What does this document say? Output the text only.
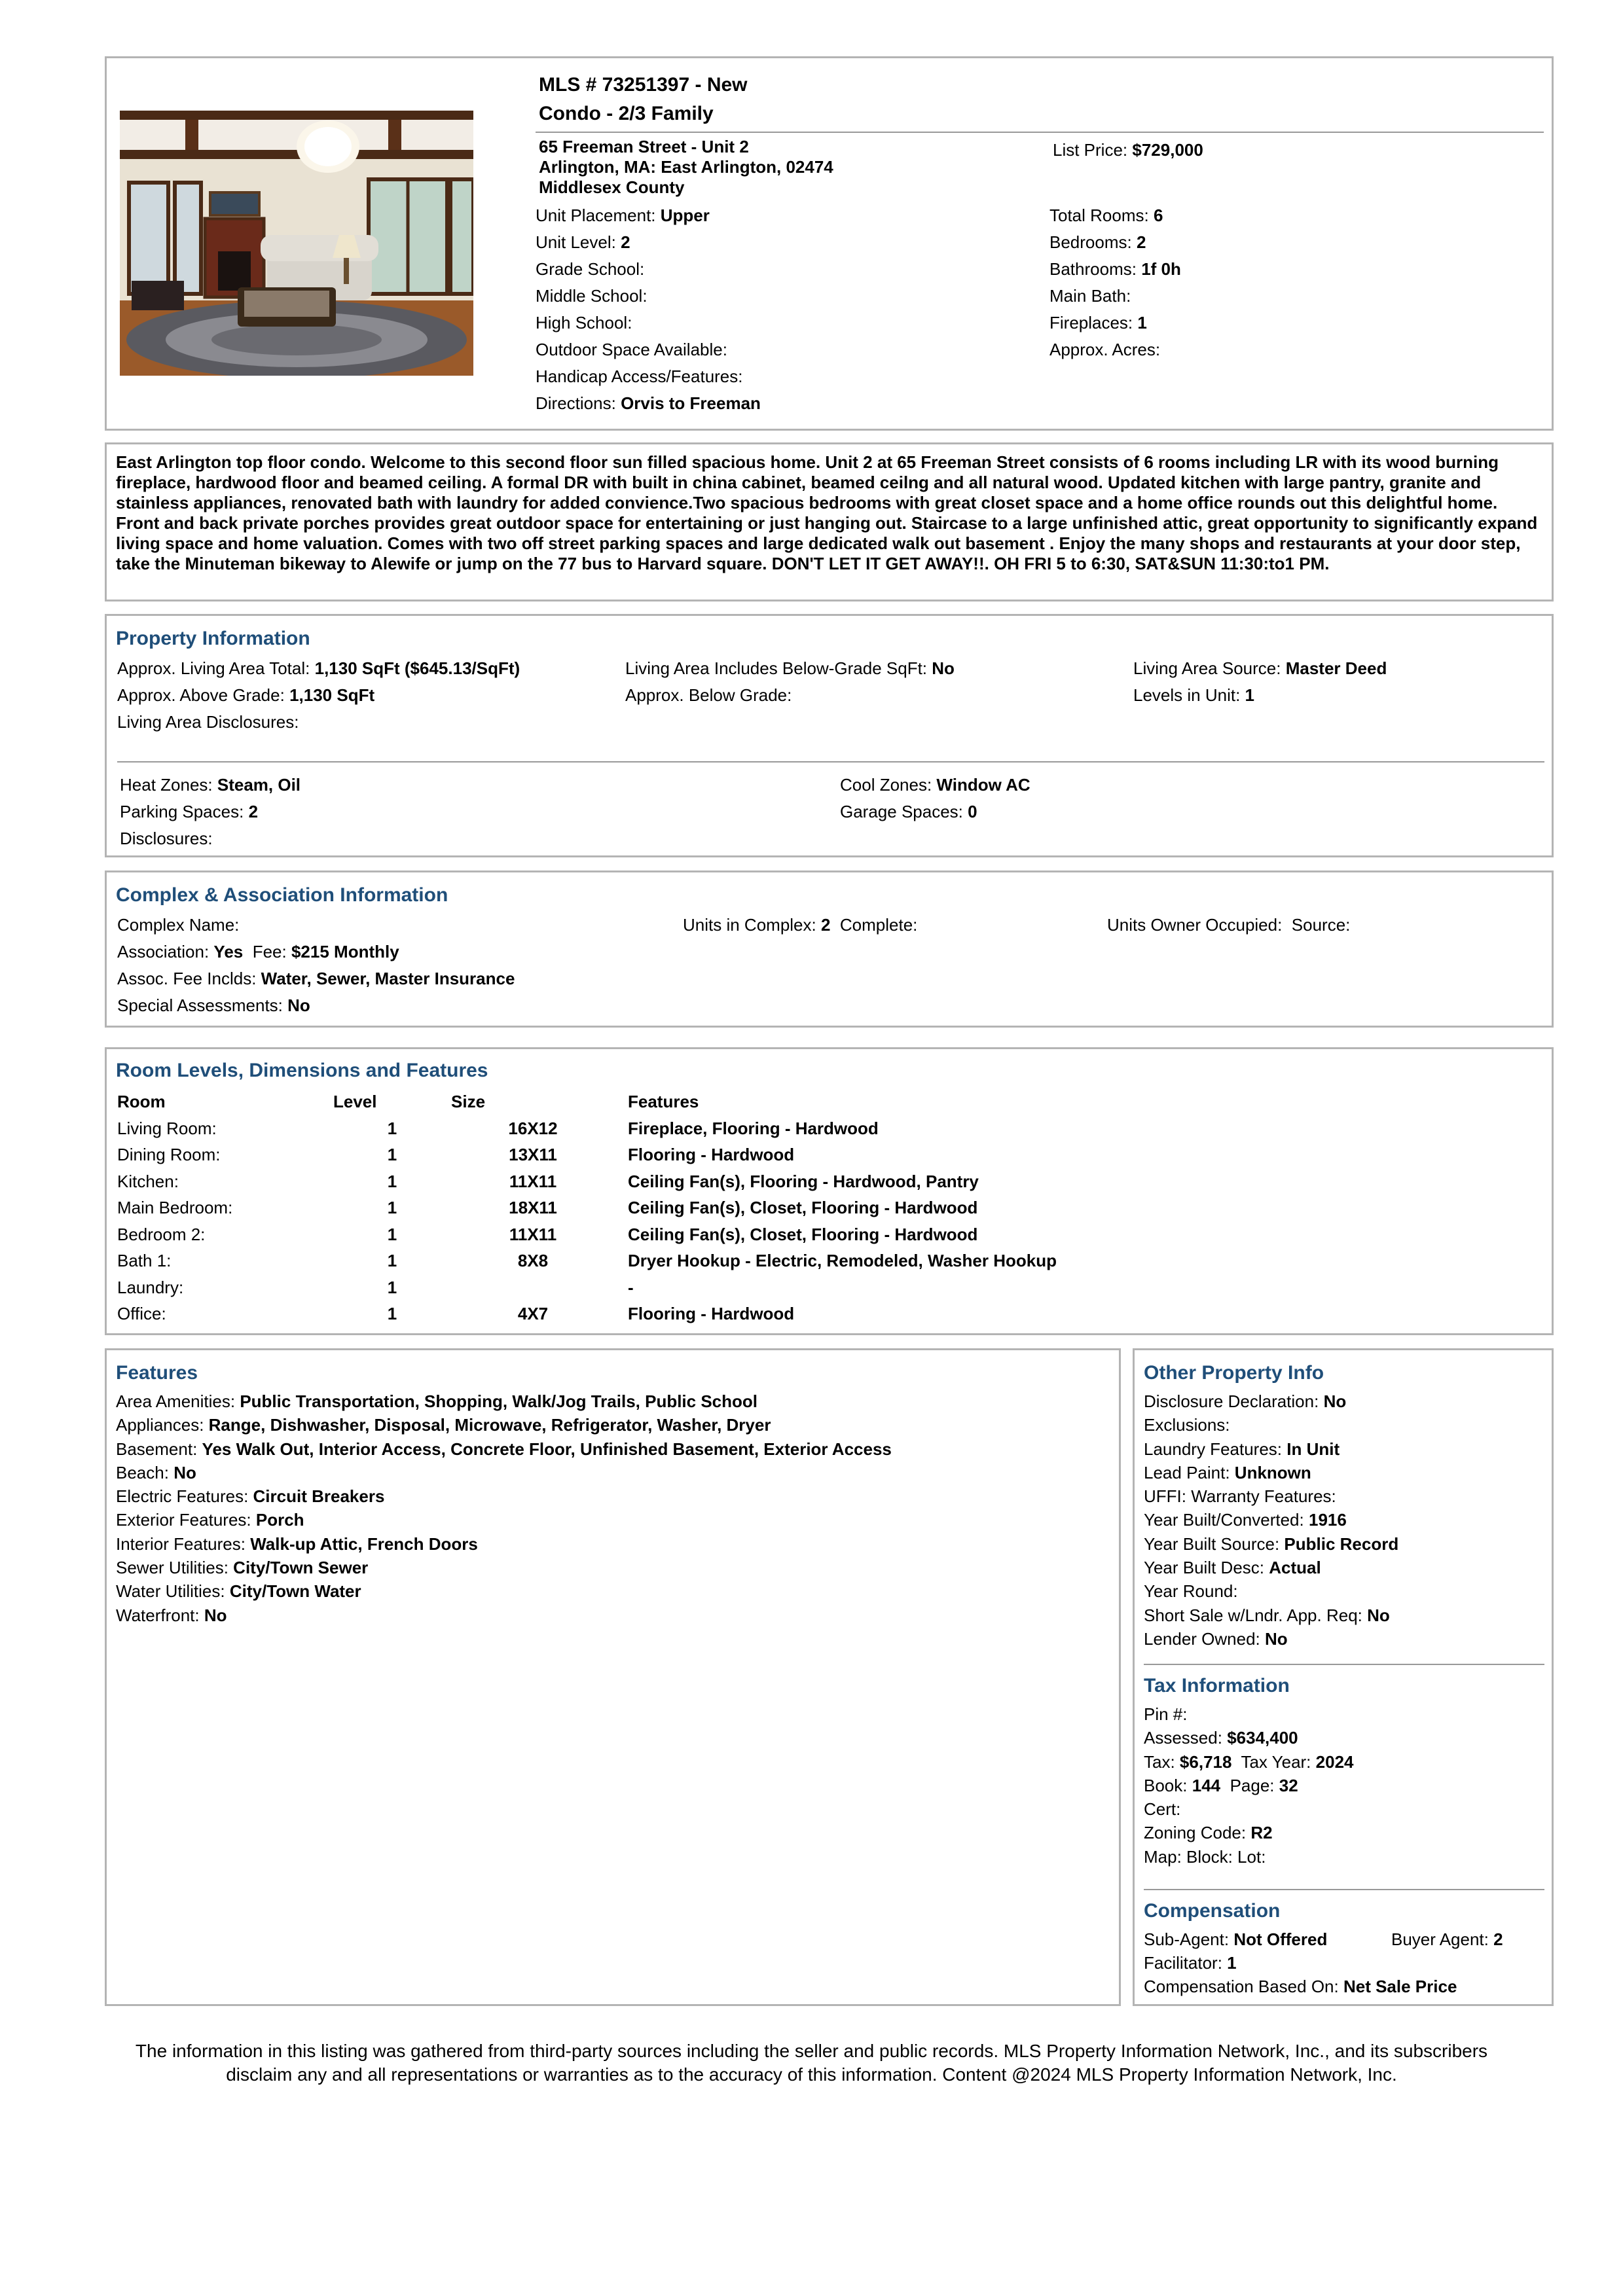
MLS # 73251397 - New
Condo - 2/3 Family
65 Freeman Street - Unit 2
Arlington, MA: East Arlington, 02474
Middlesex County
List Price: $729,000
Unit Placement: Upper
Unit Level: 2
Grade School:
Middle School:
High School:
Outdoor Space Available:
Handicap Access/Features:
Directions: Orvis to Freeman
Total Rooms: 6
Bedrooms: 2
Bathrooms: 1f 0h
Main Bath:
Fireplaces: 1
Approx. Acres:
East Arlington top floor condo. Welcome to this second floor sun filled spacious home. Unit 2 at 65 Freeman Street consists of 6 rooms including LR with its wood burning fireplace, hardwood floor and beamed ceiling. A formal DR with built in china cabinet, beamed ceilng and all natural wood. Updated kitchen with large pantry, granite and stainless appliances, renovated bath with laundry for added convience.Two spacious bedrooms with great closet space and a home office rounds out this delightful home. Front and back private porches provides great outdoor space for entertaining or just hanging out. Staircase to a large unfinished attic, great opportunity to significantly expand living space and home valuation. Comes with two off street parking spaces and large dedicated walk out basement . Enjoy the many shops and restaurants at your door step, take the Minuteman bikeway to Alewife or jump on the 77 bus to Harvard square. DON'T LET IT GET AWAY!!. OH FRI 5 to 6:30, SAT&SUN 11:30:to1 PM.
Property Information
Approx. Living Area Total: 1,130 SqFt ($645.13/SqFt)	Living Area Includes Below-Grade SqFt: No	Living Area Source: Master Deed
Approx. Above Grade: 1,130 SqFt	Approx. Below Grade:	Levels in Unit: 1
Living Area Disclosures:
Heat Zones: Steam, Oil	Cool Zones: Window AC
Parking Spaces: 2	Garage Spaces: 0
Disclosures:
Complex & Association Information
Complex Name:	Units in Complex: 2 Complete:	Units Owner Occupied: Source:
Association: Yes Fee: $215 Monthly
Assoc. Fee Inclds: Water, Sewer, Master Insurance
Special Assessments: No
Room Levels, Dimensions and Features
Room	Level	Size	Features
Living Room:	1	16X12	Fireplace, Flooring - Hardwood
Dining Room:	1	13X11	Flooring - Hardwood
Kitchen:	1	11X11	Ceiling Fan(s), Flooring - Hardwood, Pantry
Main Bedroom:	1	18X11	Ceiling Fan(s), Closet, Flooring - Hardwood
Bedroom 2:	1	11X11	Ceiling Fan(s), Closet, Flooring - Hardwood
Bath 1:	1	8X8	Dryer Hookup - Electric, Remodeled, Washer Hookup
Laundry:	1		-
Office:	1	4X7	Flooring - Hardwood
Features
Area Amenities: Public Transportation, Shopping, Walk/Jog Trails, Public School
Appliances: Range, Dishwasher, Disposal, Microwave, Refrigerator, Washer, Dryer
Basement: Yes Walk Out, Interior Access, Concrete Floor, Unfinished Basement, Exterior Access
Beach: No
Electric Features: Circuit Breakers
Exterior Features: Porch
Interior Features: Walk-up Attic, French Doors
Sewer Utilities: City/Town Sewer
Water Utilities: City/Town Water
Waterfront: No
Other Property Info
Disclosure Declaration: No
Exclusions:
Laundry Features: In Unit
Lead Paint: Unknown
UFFI: Warranty Features:
Year Built/Converted: 1916
Year Built Source: Public Record
Year Built Desc: Actual
Year Round:
Short Sale w/Lndr. App. Req: No
Lender Owned: No
Tax Information
Pin #:
Assessed: $634,400
Tax: $6,718 Tax Year: 2024
Book: 144 Page: 32
Cert:
Zoning Code: R2
Map: Block: Lot:
Compensation
Sub-Agent: Not Offered	Buyer Agent: 2
Facilitator: 1
Compensation Based On: Net Sale Price
The information in this listing was gathered from third-party sources including the seller and public records. MLS Property Information Network, Inc., and its subscribers
disclaim any and all representations or warranties as to the accuracy of this information. Content @2024 MLS Property Information Network, Inc.
